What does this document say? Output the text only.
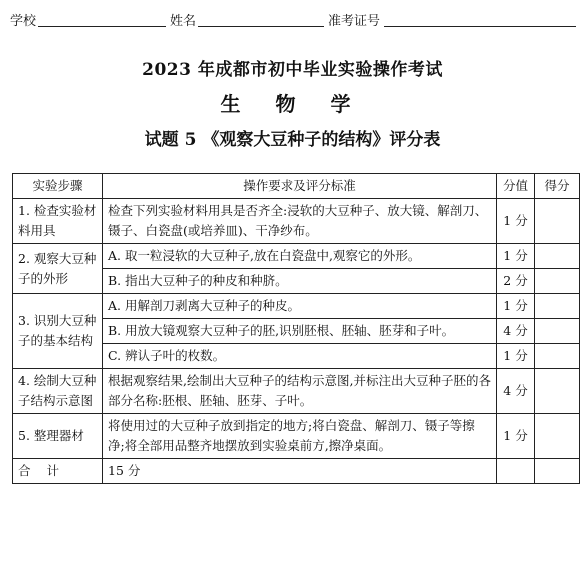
学校	姓名	准考证号
2023 年成都市初中毕业实验操作考试
生 物 学
试题 5 《观察大豆种子的结构》评分表
实验步骤	操作要求及评分标准	分值	得分
1. 检查实验材料用具	检查下列实验材料用具是否齐全:浸软的大豆种子、放大镜、解剖刀、镊子、白瓷盘(或培养皿)、干净纱布。	1 分	
2. 观察大豆种子的外形	A. 取一粒浸软的大豆种子,放在白瓷盘中,观察它的外形。	1 分	
	B. 指出大豆种子的种皮和种脐。	2 分	
3. 识别大豆种子的基本结构	A. 用解剖刀剥离大豆种子的种皮。	1 分	
	B. 用放大镜观察大豆种子的胚,识别胚根、胚轴、胚芽和子叶。	4 分	
	C. 辨认子叶的枚数。	1 分	
4. 绘制大豆种子结构示意图	根据观察结果,绘制出大豆种子的结构示意图,并标注出大豆种子胚的各部分名称:胚根、胚轴、胚芽、子叶。	4 分	
5. 整理器材	将使用过的大豆种子放到指定的地方;将白瓷盘、解剖刀、镊子等擦净;将全部用品整齐地摆放到实验桌前方,擦净桌面。	1 分	
合 计	15 分		
